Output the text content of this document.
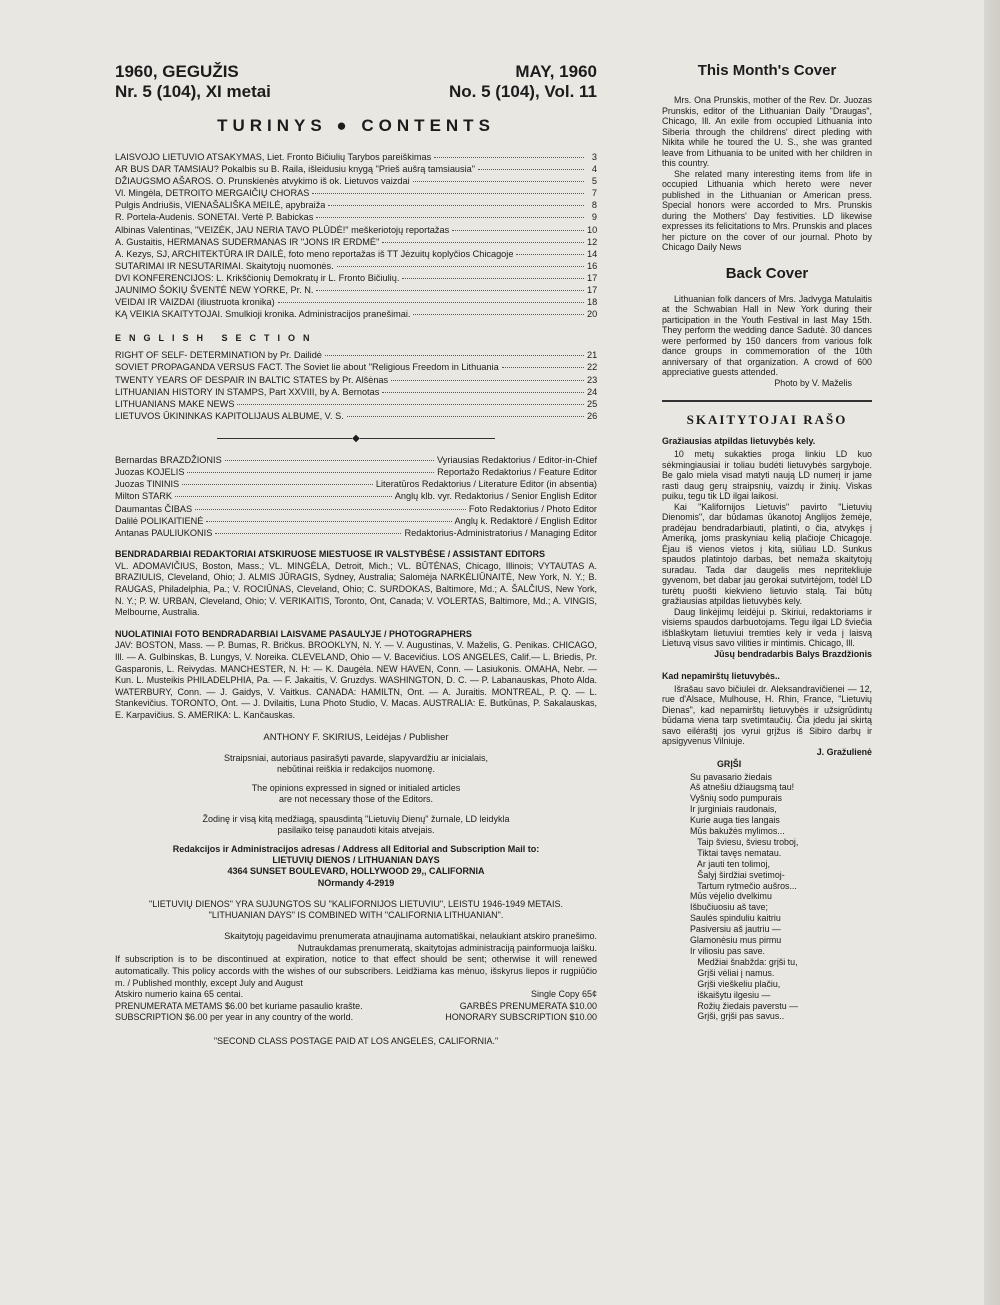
1960, GEGUŽIS
Nr. 5 (104), XI metai
MAY, 1960
No. 5 (104), Vol. 11
TURINYS ● CONTENTS
LAISVOJO LIETUVIO ATSAKYMAS, Liet. Fronto Bičiulių Tarybos pareiškimas	3
AR BUS DAR TAMSIAU? Pokalbis su B. Raila, išleidusiu knygą "Prieš aušrą tamsiausia"	4
DŽIAUGSMO AŠAROS. O. Prunskienės atvykimo iš ok. Lietuvos vaizdai	5
Vl. Mingėla, DETROITO MERGAIČIŲ CHORAS	7
Pulgis Andriušis, VIENAŠALIŠKA MEILĖ, apybraiža	8
R. Portela-Audenis. SONETAI. Vertė P. Babickas	9
Albinas Valentinas, "VEIZĖK, JAU NERIA TAVO PLŪDĖ!" meškeriotojų reportažas	10
A. Gustaitis, HERMANAS SUDERMANAS IR "JONS IR ERDMĖ"	12
A. Kezys, SJ, ARCHITEKTŪRA IR DAILĖ, foto meno reportažas iš TT Jėzuitų koplyčios Chicagoje	14
SUTARIMAI IR NESUTARIMAI. Skaitytojų nuomonės.	16
DVI KONFERENCIJOS: L. Krikščionių Demokratų ir L. Fronto Bičiulių.	17
JAUNIMO ŠOKIŲ ŠVENTĖ NEW YORKE, Pr. N.	17
VEIDAI IR VAIZDAI (iliustruota kronika)	18
KĄ VEIKIA SKAITYTOJAI. Smulkioji kronika. Administracijos pranešimai.	20
ENGLISH SECTION
RIGHT OF SELF- DETERMINATION by Pr. Dailidė	21
SOVIET PROPAGANDA VERSUS FACT. The Soviet lie about "Religious Freedom in Lithuania	22
TWENTY YEARS OF DESPAIR IN BALTIC STATES by Pr. Alšėnas	23
LITHUANIAN HISTORY IN STAMPS, Part XXVIII, by A. Bernotas	24
LITHUANIANS MAKE NEWS	25
LIETUVOS ŪKININKAS KAPITOLIJAUS ALBUME, V. S.	26
◆
Bernardas BRAZDŽIONIS	Vyriausias Redaktorius / Editor-in-Chief
Juozas KOJELIS	Reportažo Redaktorius / Feature Editor
Juozas TININIS	Literatūros Redaktorius / Literature Editor (in absentia)
Milton STARK	Anglų klb. vyr. Redaktorius / Senior English Editor
Daumantas ČIBAS	Foto Redaktorius / Photo Editor
Dalilė POLIKAITIENĖ	Anglų k. Redaktorė / English Editor
Antanas PAULIUKONIS	Redaktorius-Administratorius / Managing Editor
BENDRADARBIAI REDAKTORIAI ATSKIRUOSE MIESTUOSE IR VALSTYBĖSE / ASSISTANT EDITORS
VL. ADOMAVIČIUS, Boston, Mass.; VL. MINGĖLA, Detroit, Mich.; VL. BŪTĖNAS, Chicago, Illinois; VYTAUTAS A. BRAZIULIS, Cleveland, Ohio; J. ALMIS JŪRAGIS, Sydney, Australia; Salomėja NARKĖLIŪNAITĖ, New York, N. Y.; B. RAUGAS, Philadelphia, Pa.; V. ROCIŪNAS, Cleveland, Ohio; C. SURDOKAS, Baltimore, Md.; A. ŠALČIUS, New York, N. Y.; P. W. URBAN, Cleveland, Ohio; V. VERIKAITIS, Toronto, Ont, Canada; V. VOLERTAS, Baltimore, Md.; A. VINGIS, Melbourne, Australia.
NUOLATINIAI FOTO BENDRADARBIAI LAISVAME PASAULYJE / PHOTOGRAPHERS
JAV: BOSTON, Mass. — P. Bumas, R. Bričkus. BROOKLYN, N. Y. — V. Augustinas, V. Maželis, G. Penikas. CHICAGO, Ill. — A. Gulbinskas, B. Lungys, V. Noreika. CLEVELAND, Ohio — V. Bacevičius. LOS ANGELES, Calif.— L. Briedis, Pr. Gasparonis, L. Reivydas. MANCHESTER, N. H: — K. Daugėla. NEW HAVEN, Conn. — Lasiukonis. OMAHA, Nebr. — Kun. L. Musteikis PHILADELPHIA, Pa. — F. Jakaitis, V. Gruzdys. WASHINGTON, D. C. — P. Labanauskas, Photo Alda. WATERBURY, Conn. — J. Gaidys, V. Vaitkus. CANADA: HAMILTN, Ont. — A. Juraitis. MONTREAL, P. Q. — L. Stankevičius. TORONTO, Ont. — J. Dvilaitis, Luna Photo Studio, V. Macas. AUSTRALIA: E. Butkūnas, P. Sakalauskas, E. Karpavičius. S. AMERIKA: L. Kančauskas.
ANTHONY F. SKIRIUS, Leidėjas / Publisher
Straipsniai, autoriaus pasirašyti pavarde, slapyvardžiu ar inicialais,
nebūtinai reiškia ir redakcijos nuomonę.
The opinions expressed in signed or initialed articles
are not necessary those of the Editors.
Žodinę ir visą kitą medžiagą, spausdintą "Lietuvių Dienų" žurnale, LD leidykla
pasilaiko teisę panaudoti kitais atvejais.
Redakcijos ir Administracijos adresas / Address all Editorial and Subscription Mail to:
LIETUVIŲ DIENOS / LITHUANIAN DAYS
4364 SUNSET BOULEVARD, HOLLYWOOD 29,, CALIFORNIA
NOrmandy 4-2919
"LIETUVIŲ DIENOS" YRA SUJUNGTOS SU "KALIFORNIJOS LIETUVIU", LEISTU 1946-1949 METAIS.
"LITHUANIAN DAYS" IS COMBINED WITH "CALIFORNIA LITHUANIAN".
Skaitytojų pageidavimu prenumerata atnaujinama automatiškai, nelaukiant atskiro pranešimo.
Nutraukdamas prenumeratą, skaitytojas administraciją painformuoja laišku.
If subscription is to be discontinued at expiration, notice to that effect should be sent; otherwise it will renewed automatically. This policy accords with the wishes of our subscribers. Leidžiama kas mėnuo, išskyrus liepos ir rugpiūčio m. / Published monthly, except July and August
Atskiro numerio kaina 65 centai.	Single Copy 65¢
PRENUMERATA METAMS $6.00 bet kuriame pasaulio krašte.	GARBĖS PRENUMERATA $10.00
SUBSCRIPTION $6.00 per year in any country of the world.	HONORARY SUBSCRIPTION $10.00
"SECOND CLASS POSTAGE PAID AT LOS ANGELES, CALIFORNIA."
This Month's Cover

Mrs. Ona Prunskis, mother of the Rev. Dr. Juozas Prunskis, editor of the Lithuanian Daily "Draugas", Chicago, Ill. An exile from occupied Lithuania into Siberia through the childrens' direct pleding with Nikita while he toured the U. S., she was granted leave from Lithuania to be united with her children in this country.

She related many interesting items from life in occupied Lithuania which hereto were never published in the Lithuanian or American press. Special honors were accorded to Mrs. Prunskis during the Mothers' Day festivities. LD likewise expresses its felicitations to Mrs. Prunskis and places her picture on the cover of our journal. Photo by Chicago Daily News

Back Cover

Lithuanian folk dancers of Mrs. Jadvyga Matulaitis at the Schwabian Hall in New York during their participation in the Youth Festival in last May 15th. They perform the wedding dance Sadutė. 30 dances were performed by 150 dancers from various folk dance groups in commemoration of the 10th anniversary of that organization. A crowd of 600 appreciative guests attended.

Photo by V. Maželis

SKAITYTOJAI RAŠO
Gražiausias atpildas lietuvybės kely.

10 metų sukakties proga linkiu LD kuo sėkmingiausiai ir toliau budėti lietuvybės sargyboje. Be galo miela visad matyti naują LD numerį ir jame rasti daug gerų straipsnių, vaizdų ir žinių. Viskas puiku, tegu tik LD ilgai laikosi.

Kai "Kalifornijos Lietuvis" pavirto "Lietuvių Dienomis", dar būdamas ūkanotoj Anglijos žemėje, pradėjau bendradarbiauti, platinti, o čia, atvykęs į Ameriką, joms praskyniau kelią plačioje Chicagoje. Ėjau iš vienos vietos į kitą, siūliau LD. Sunkus spaudos platintojo darbas, bet nemaža skaitytojų suradau. Tada dar daugelis mes nepritekliuje gyvenom, bet dabar jau gerokai sutvirtėjom, todėl LD turėtų puošti kiekvieno lietuvio stalą. Tai būtų gražiausias atpildas lietuvybės kely.

Daug linkėjimų leidėjui p. Skiriui, redaktoriams ir visiems spaudos darbuotojams. Tegu ilgai LD šviečia išblaškytam lietuviui tremties kely ir veda į laisvą Lietuvą visus savo vilities ir mintimis. Chicago, Ill.

Jūsų bendradarbis Balys Brazdžionis
Kad nepamirštų lietuvybės..

Išrašau savo bičiulei dr. Aleksandravičienei — 12, rue d'Alsace, Mulhouse, H. Rhin, France, "Lietuvių Dienas", kad nepamirštų lietuvybės ir užsigrūdintų būdama viena tarp svetimtaučių. Čia įdedu jai skirtą savo eilėraštį jos vyrui grįžus iš Sibiro darbų ir apsigyvenus Vilniuje.

J. Gražulienė
GRĮŠI
Su pavasario žiedais
Aš atnešiu džiaugsmą tau!
Vyšnių sodo pumpurais
Ir jurginiais raudonais,
Kurie auga ties langais
Mūs bakužės mylimos...
Taip šviesu, šviesu troboj,
Tiktai tavęs nematau.
Ar jauti ten tolimoj,
Šalyj širdžiai svetimoj-
Tartum rytmečio aušros...
Mūs vėjelio dvelkimu
Išbučiuosiu aš tave;
Saulės spinduliu kaitriu
Pasiversiu aš jautriu —
Glamonėsiu mus pirmu
Ir viliosiu pas save.
Medžiai šnabžda: grįši tu,
Grįši vėliai į namus.
Grįši vieškeliu plačiu,
iškaišytu ilgesiu —
Rožių žiedais paverstu —
Grįši, grįši pas savus..
